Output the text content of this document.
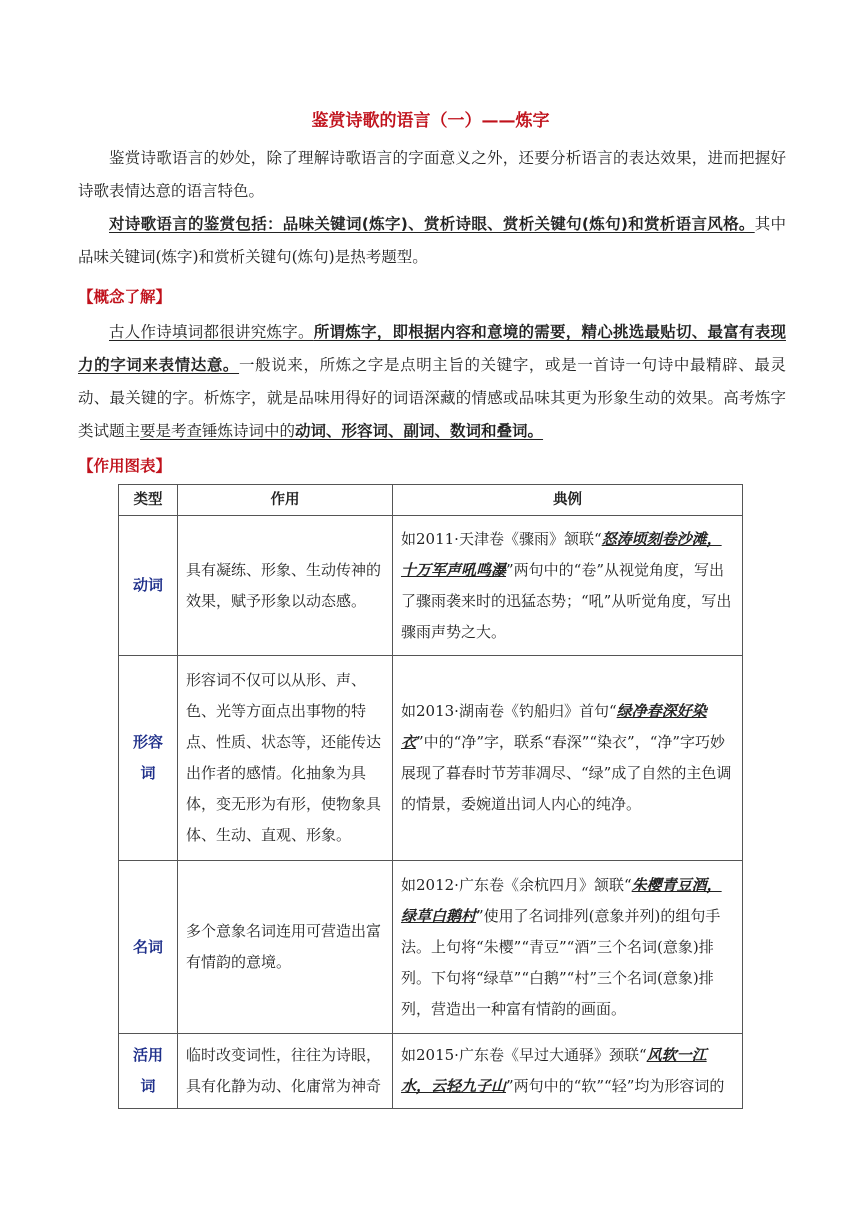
鉴赏诗歌的语言（一）——炼字

鉴赏诗歌语言的妙处，除了理解诗歌语言的字面意义之外，还要分析语言的表达效果，进而把握好诗歌表情达意的语言特色。

对诗歌语言的鉴赏包括：品味关键词(炼字)、赏析诗眼、赏析关键句(炼句)和赏析语言风格。其中品味关键词(炼字)和赏析关键句(炼句)是热考题型。

【概念了解】

古人作诗填词都很讲究炼字。所谓炼字，即根据内容和意境的需要，精心挑选最贴切、最富有表现力的字词来表情达意。一般说来，所炼之字是点明主旨的关键字，或是一首诗一句诗中最精辟、最灵动、最关键的字。析炼字，就是品味用得好的词语深藏的情感或品味其更为形象生动的效果。高考炼字类试题主要是考查锤炼诗词中的动词、形容词、副词、数词和叠词。

【作用图表】
类型	作用	典例
动词	具有凝练、形象、生动传神的效果，赋予形象以动态感。	如2011·天津卷《骤雨》颔联“怒涛顷刻卷沙滩，十万军声吼鸣瀑”两句中的“卷”从视觉角度，写出了骤雨袭来时的迅猛态势；“吼”从听觉角度，写出骤雨声势之大。
形容词	形容词不仅可以从形、声、色、光等方面点出事物的特点、性质、状态等，还能传达出作者的感情。化抽象为具体，变无形为有形，使物象具体、生动、直观、形象。	如2013·湖南卷《钓船归》首句“绿净春深好染衣”中的“净”字，联系“春深”“染衣”，“净”字巧妙展现了暮春时节芳菲凋尽、“绿”成了自然的主色调的情景，委婉道出词人内心的纯净。
名词	多个意象名词连用可营造出富有情韵的意境。	如2012·广东卷《余杭四月》颔联“朱樱青豆酒，绿草白鹅村”使用了名词排列(意象并列)的组句手法。上句将“朱樱”“青豆”“酒”三个名词(意象)排列。下句将“绿草”“白鹅”“村”三个名词(意象)排列，营造出一种富有情韵的画面。
活用词	临时改变词性，往往为诗眼，具有化静为动、化庸常为神奇	如2015·广东卷《早过大通驿》颈联“风软一江水，云轻九子山”两句中的“软”“轻”均为形容词的
